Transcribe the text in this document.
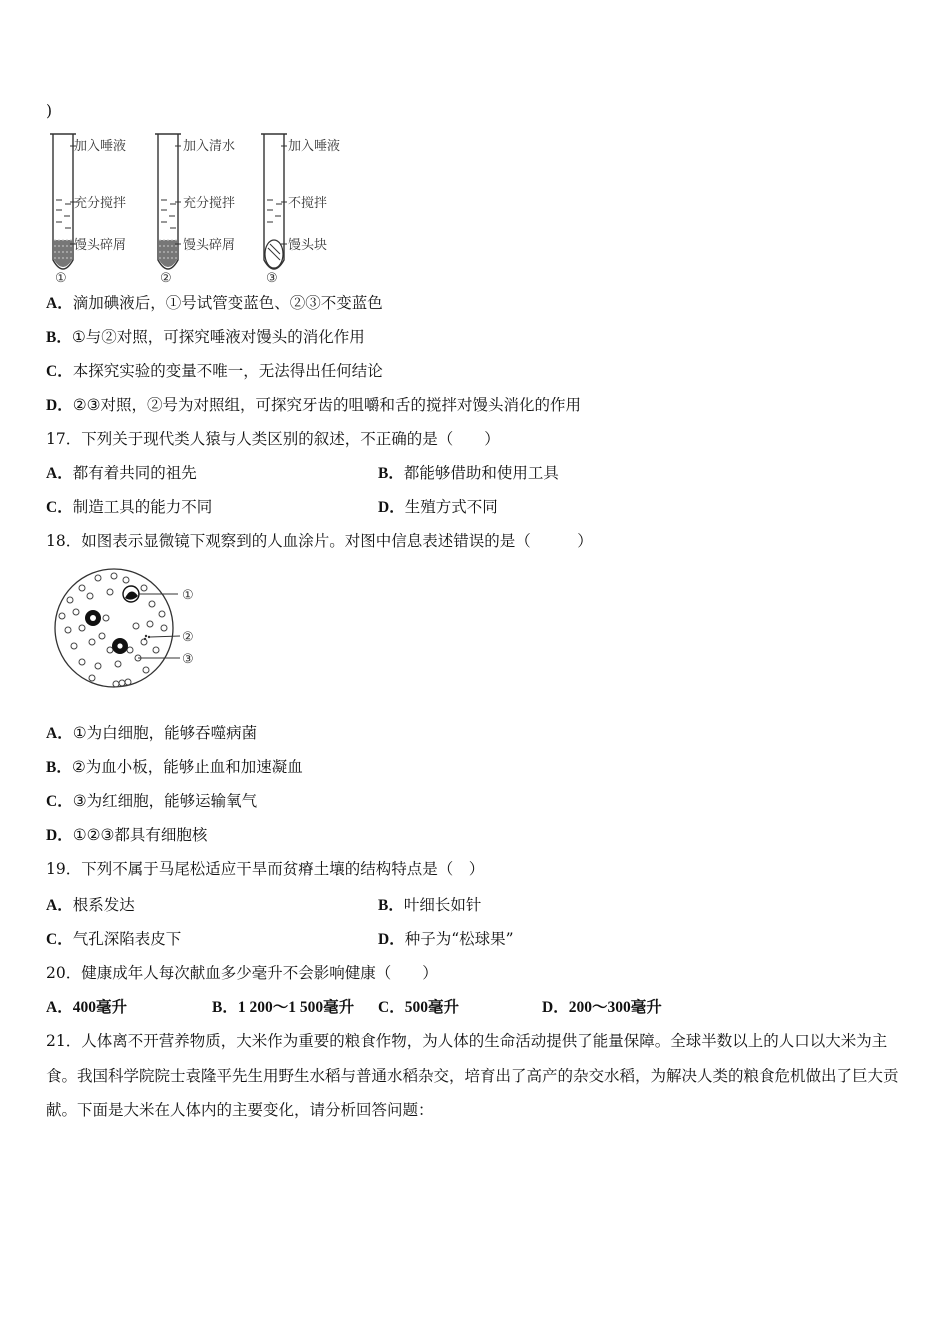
)
加入唾液
充分搅拌
馒头碎屑
①
加入清水
充分搅拌
馒头碎屑
②
加入唾液
不搅拌
馒头块
③
A．滴加碘液后，①号试管变蓝色、②③不变蓝色
B．①与②对照，可探究唾液对馒头的消化作用
C．本探究实验的变量不唯一，无法得出任何结论
D．②③对照，②号为对照组，可探究牙齿的咀嚼和舌的搅拌对馒头消化的作用
17．下列关于现代类人猿与人类区别的叙述，不正确的是（　　）
A．都有着共同的祖先	B．都能够借助和使用工具
C．制造工具的能力不同	D．生殖方式不同
18．如图表示显微镜下观察到的人血涂片。对图中信息表述错误的是（　　　）
①
②
③
A．①为白细胞，能够吞噬病菌
B．②为血小板，能够止血和加速凝血
C．③为红细胞，能够运输氧气
D．①②③都具有细胞核
19．下列不属于马尾松适应干旱而贫瘠土壤的结构特点是（　）
A．根系发达	B．叶细长如针
C．气孔深陷表皮下	D．种子为“松球果”
20．健康成年人每次献血多少毫升不会影响健康（　　）
A．400毫升	B．1 200～1 500毫升 C．500毫升	D．200～300毫升
21．人体离不开营养物质，大米作为重要的粮食作物，为人体的生命活动提供了能量保障。全球半数以上的人口以大米为主食。我国科学院院士袁隆平先生用野生水稻与普通水稻杂交，培育出了高产的杂交水稻，为解决人类的粮食危机做出了巨大贡献。下面是大米在人体内的主要变化，请分析回答问题：
